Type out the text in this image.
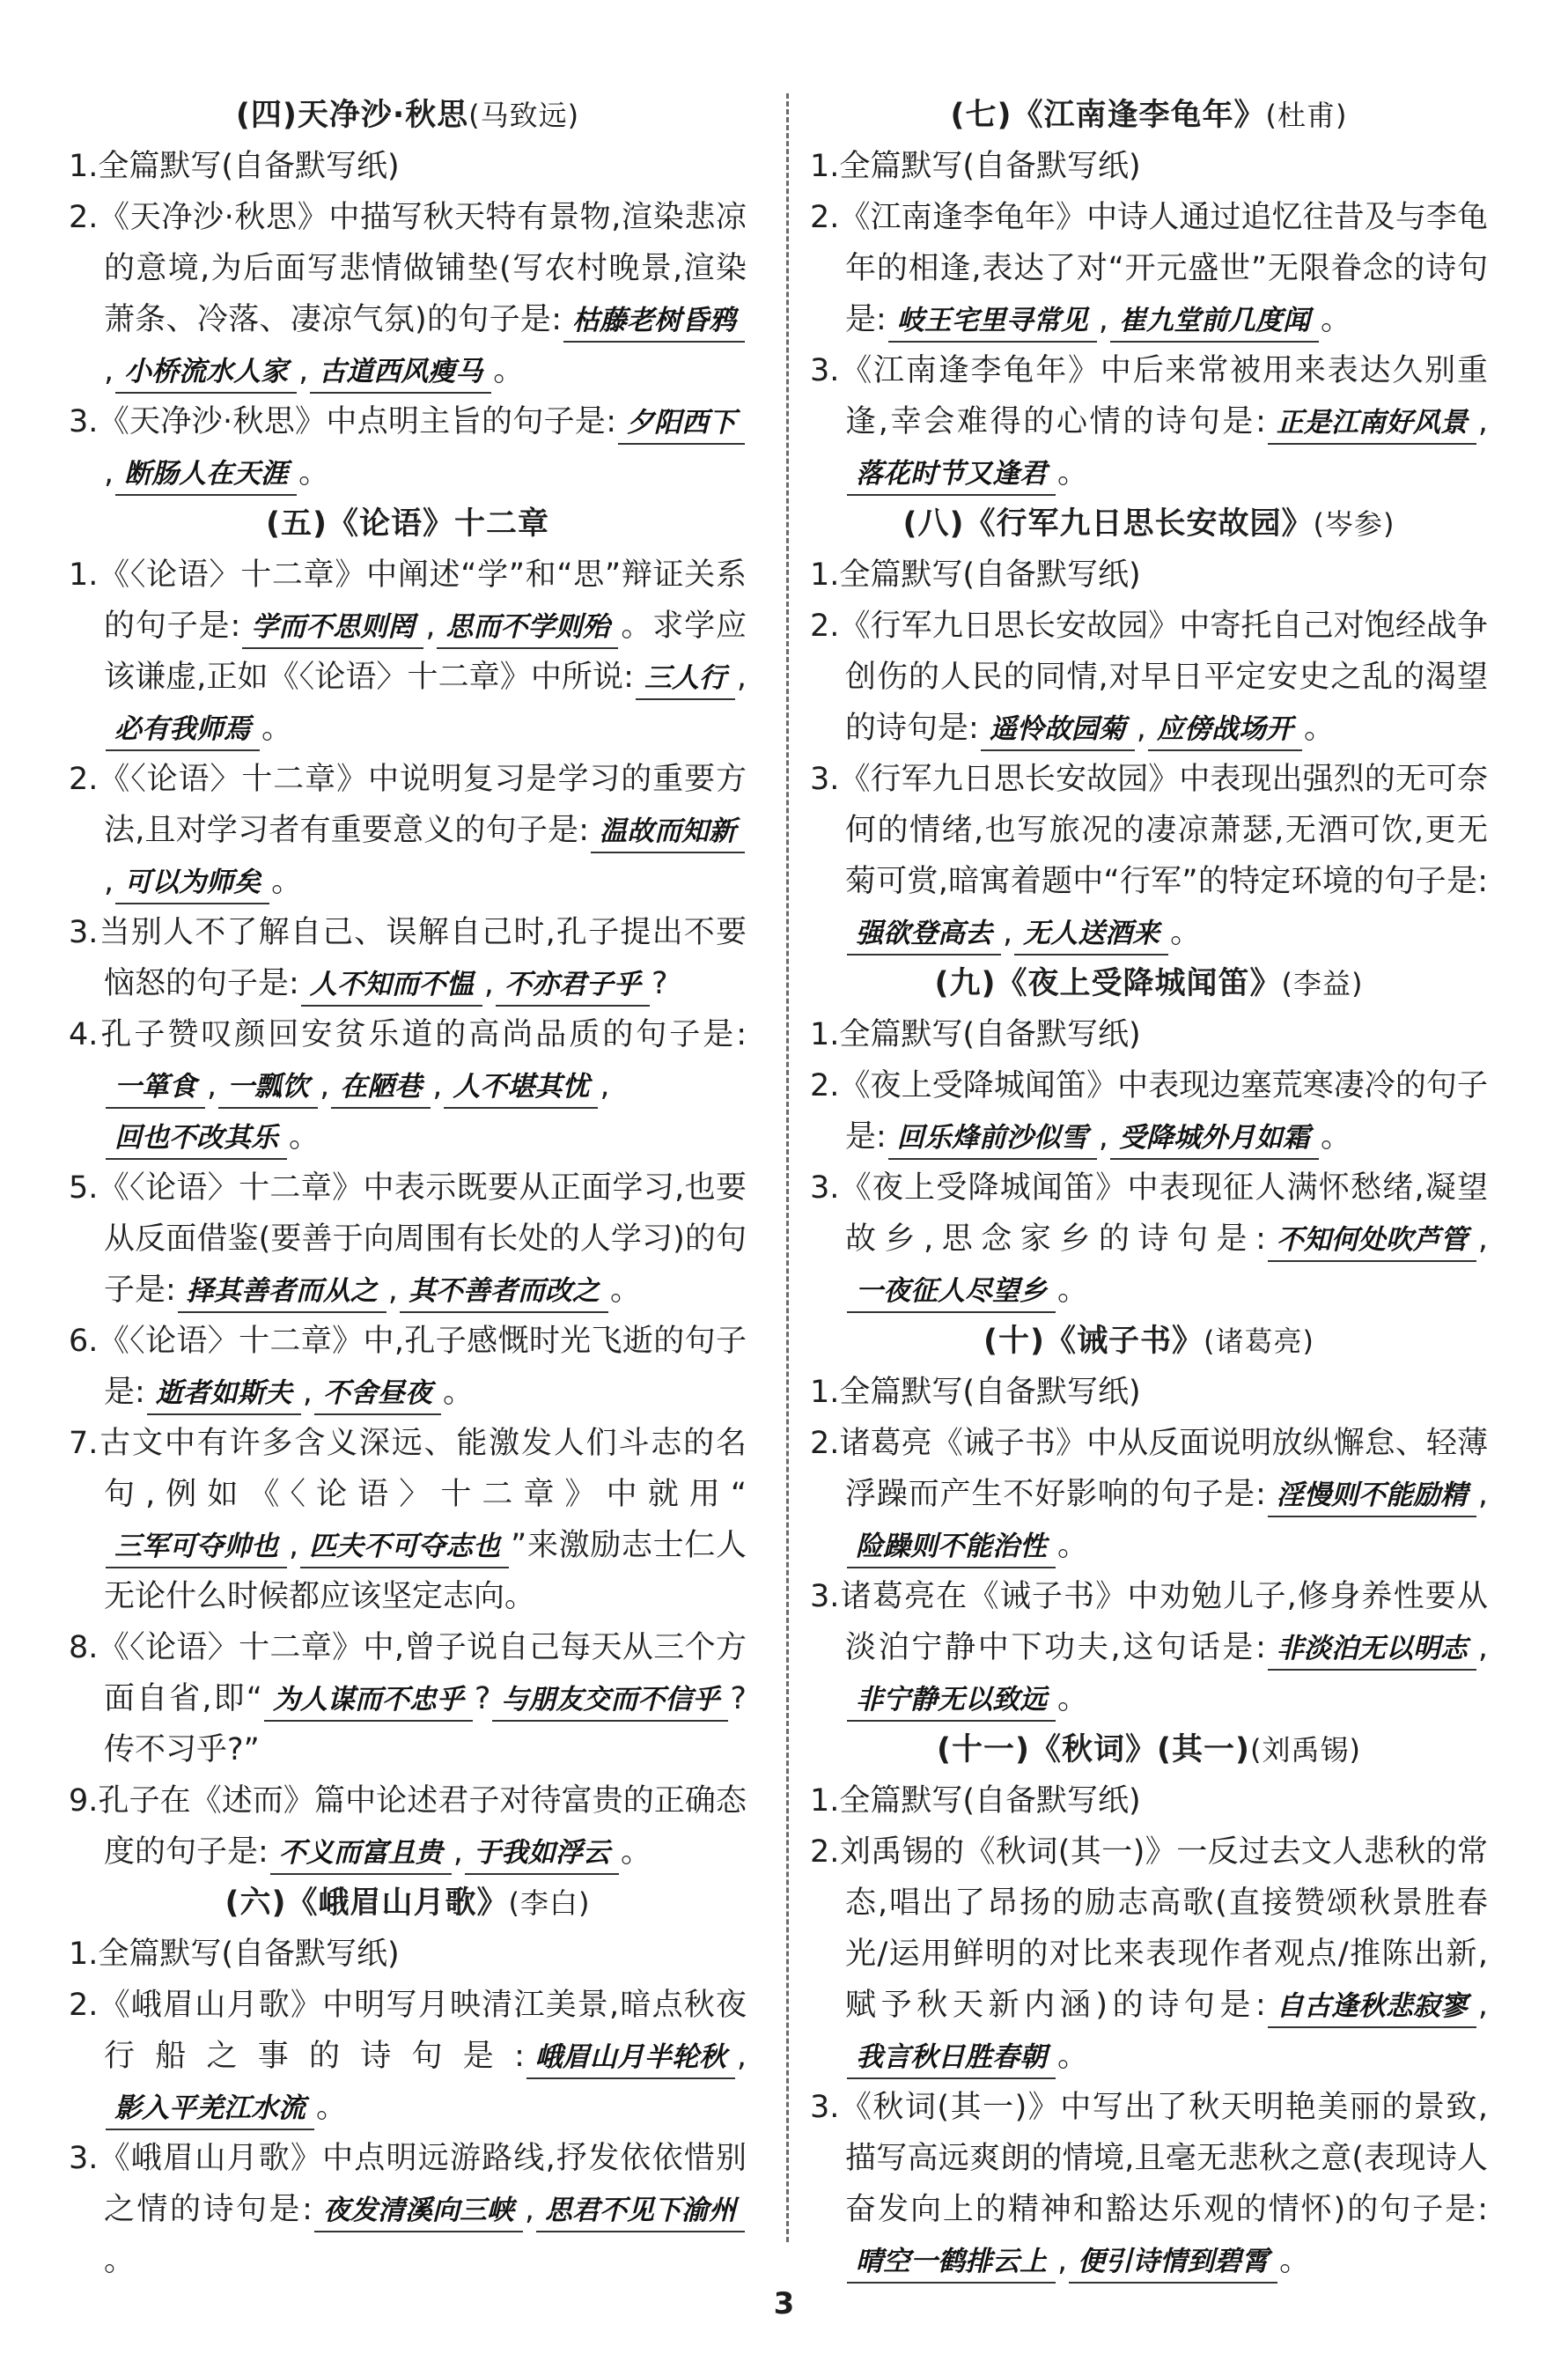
(四)天净沙·秋思(马致远)
1.全篇默写(自备默写纸)
2.《天净沙·秋思》中描写秋天特有景物,渲染悲凉的意境,为后面写悲情做铺垫(写农村晚景,渲染萧条、冷落、凄凉气氛)的句子是: 枯藤老树昏鸦, 小桥流水人家 , 古道西风瘦马 。
3.《天净沙·秋思》中点明主旨的句子是: 夕阳西下, 断肠人在天涯 。
(五)《论语》十二章
1.《〈论语〉十二章》中阐述“学”和“思”辩证关系的句子是: 学而不思则罔 , 思而不学则殆 。求学应该谦虚,正如《〈论语〉十二章》中所说: 三人行 ,必有我师焉 。
2.《〈论语〉十二章》中说明复习是学习的重要方法,且对学习者有重要意义的句子是: 温故而知新, 可以为师矣 。
3.当别人不了解自己、误解自己时,孔子提出不要恼怒的句子是: 人不知而不愠 , 不亦君子乎 ?
4.孔子赞叹颜回安贫乐道的高尚品质的句子是:一箪食 , 一瓢饮 , 在陋巷 , 人不堪其忧 ,回也不改其乐 。
5.《〈论语〉十二章》中表示既要从正面学习,也要从反面借鉴(要善于向周围有长处的人学习)的句子是: 择其善者而从之 , 其不善者而改之 。
6.《〈论语〉十二章》中,孔子感慨时光飞逝的句子是: 逝者如斯夫 , 不舍昼夜 。
7.古文中有许多含义深远、能激发人们斗志的名句,例如《〈论语〉十二章》中就用“三军可夺帅也 , 匹夫不可夺志也 ”来激励志士仁人无论什么时候都应该坚定志向。
8.《〈论语〉十二章》中,曾子说自己每天从三个方面自省,即“ 为人谋而不忠乎 ? 与朋友交而不信乎 ?传不习乎?”
9.孔子在《述而》篇中论述君子对待富贵的正确态度的句子是: 不义而富且贵 , 于我如浮云 。
(六)《峨眉山月歌》(李白)
1.全篇默写(自备默写纸)
2.《峨眉山月歌》中明写月映清江美景,暗点秋夜行船之事的诗句是: 峨眉山月半轮秋 ,影入平羌江水流 。
3.《峨眉山月歌》中点明远游路线,抒发依依惜别之情的诗句是: 夜发清溪向三峡 , 思君不见下渝州。
(七)《江南逢李龟年》(杜甫)
1.全篇默写(自备默写纸)
2.《江南逢李龟年》中诗人通过追忆往昔及与李龟年的相逢,表达了对“开元盛世”无限眷念的诗句是: 岐王宅里寻常见 , 崔九堂前几度闻 。
3.《江南逢李龟年》中后来常被用来表达久别重逢,幸会难得的心情的诗句是: 正是江南好风景 ,落花时节又逢君 。
(八)《行军九日思长安故园》(岑参)
1.全篇默写(自备默写纸)
2.《行军九日思长安故园》中寄托自己对饱经战争创伤的人民的同情,对早日平定安史之乱的渴望的诗句是: 遥怜故园菊 , 应傍战场开 。
3.《行军九日思长安故园》中表现出强烈的无可奈何的情绪,也写旅况的凄凉萧瑟,无酒可饮,更无菊可赏,暗寓着题中“行军”的特定环境的句子是:强欲登高去 , 无人送酒来 。
(九)《夜上受降城闻笛》(李益)
1.全篇默写(自备默写纸)
2.《夜上受降城闻笛》中表现边塞荒寒凄冷的句子是: 回乐烽前沙似雪 , 受降城外月如霜 。
3.《夜上受降城闻笛》中表现征人满怀愁绪,凝望故乡,思念家乡的诗句是: 不知何处吹芦管 ,一夜征人尽望乡 。
(十)《诫子书》(诸葛亮)
1.全篇默写(自备默写纸)
2.诸葛亮《诫子书》中从反面说明放纵懈怠、轻薄浮躁而产生不好影响的句子是: 淫慢则不能励精 ,险躁则不能治性 。
3.诸葛亮在《诫子书》中劝勉儿子,修身养性要从淡泊宁静中下功夫,这句话是: 非淡泊无以明志 ,非宁静无以致远 。
(十一)《秋词》(其一)(刘禹锡)
1.全篇默写(自备默写纸)
2.刘禹锡的《秋词(其一)》一反过去文人悲秋的常态,唱出了昂扬的励志高歌(直接赞颂秋景胜春光/运用鲜明的对比来表现作者观点/推陈出新,赋予秋天新内涵)的诗句是: 自古逢秋悲寂寥 ,我言秋日胜春朝 。
3.《秋词(其一)》中写出了秋天明艳美丽的景致,描写高远爽朗的情境,且毫无悲秋之意(表现诗人奋发向上的精神和豁达乐观的情怀)的句子是:晴空一鹤排云上 , 便引诗情到碧霄 。
3
